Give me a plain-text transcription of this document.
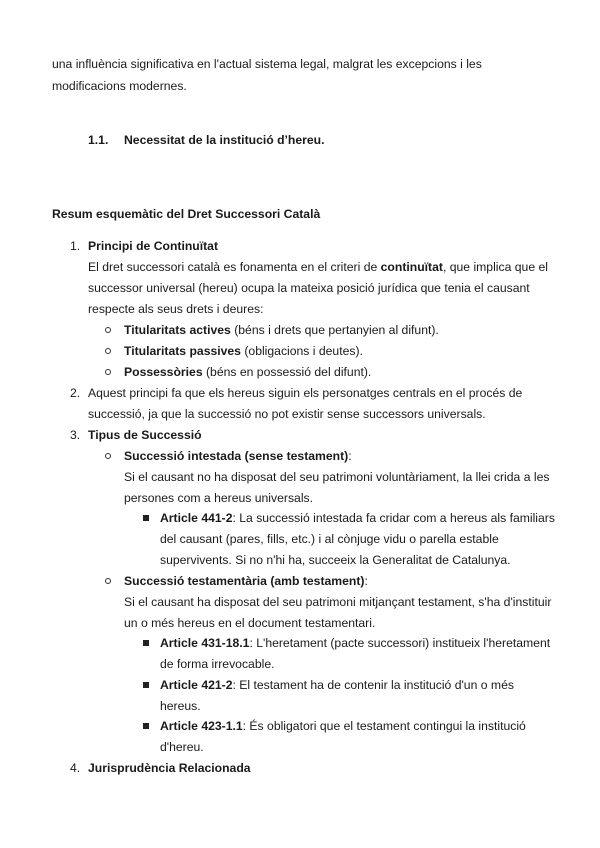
una influència significativa en l'actual sistema legal, malgrat les excepcions i les
modificacions modernes.
1.1. Necessitat de la institució d’hereu.
Resum esquemàtic del Dret Successori Català
1. Principi de Continuïtat
El dret successori català es fonamenta en el criteri de continuïtat, que implica que el
successor universal (hereu) ocupa la mateixa posició jurídica que tenia el causant
respecte als seus drets i deures:
Titularitats actives (béns i drets que pertanyien al difunt).
Titularitats passives (obligacions i deutes).
Possessòries (béns en possessió del difunt).
2. Aquest principi fa que els hereus siguin els personatges centrals en el procés de
successió, ja que la successió no pot existir sense successors universals.
3. Tipus de Successió
Successió intestada (sense testament):
Si el causant no ha disposat del seu patrimoni voluntàriament, la llei crida a les
persones com a hereus universals.
Article 441-2: La successió intestada fa cridar com a hereus als familiars
del causant (pares, fills, etc.) i al cònjuge vidu o parella estable
supervivents. Si no n'hi ha, succeeix la Generalitat de Catalunya.
Successió testamentària (amb testament):
Si el causant ha disposat del seu patrimoni mitjançant testament, s'ha d'instituir
un o més hereus en el document testamentari.
Article 431-18.1: L'heretament (pacte successori) institueix l'heretament
de forma irrevocable.
Article 421-2: El testament ha de contenir la institució d'un o més
hereus.
Article 423-1.1: És obligatori que el testament contingui la institució
d'hereu.
4. Jurisprudència Relacionada
